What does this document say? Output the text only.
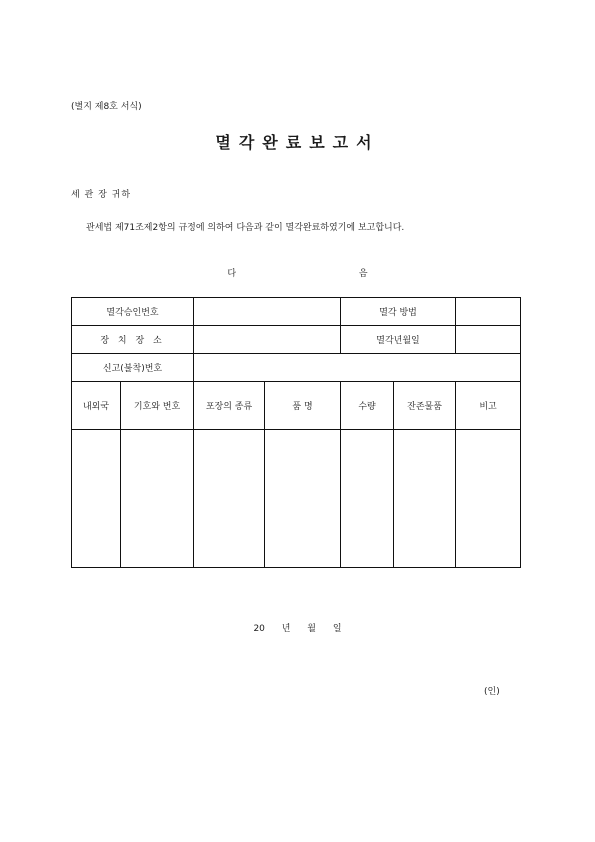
(별지 제8호 서식)
멸각완료보고서
세 관 장 귀하
관세법 제71조제2항의 규정에 의하여 다음과 같이 멸각완료하였기에 보고합니다.
다 음
멸각승인번호				멸각 방법		
장 치 장 소				멸각년월일		
신고(불착)번호						
내외국	기호와 번호	포장의 종류	품 명	수량	잔존물품	비고

20 년 월 일
(인)
